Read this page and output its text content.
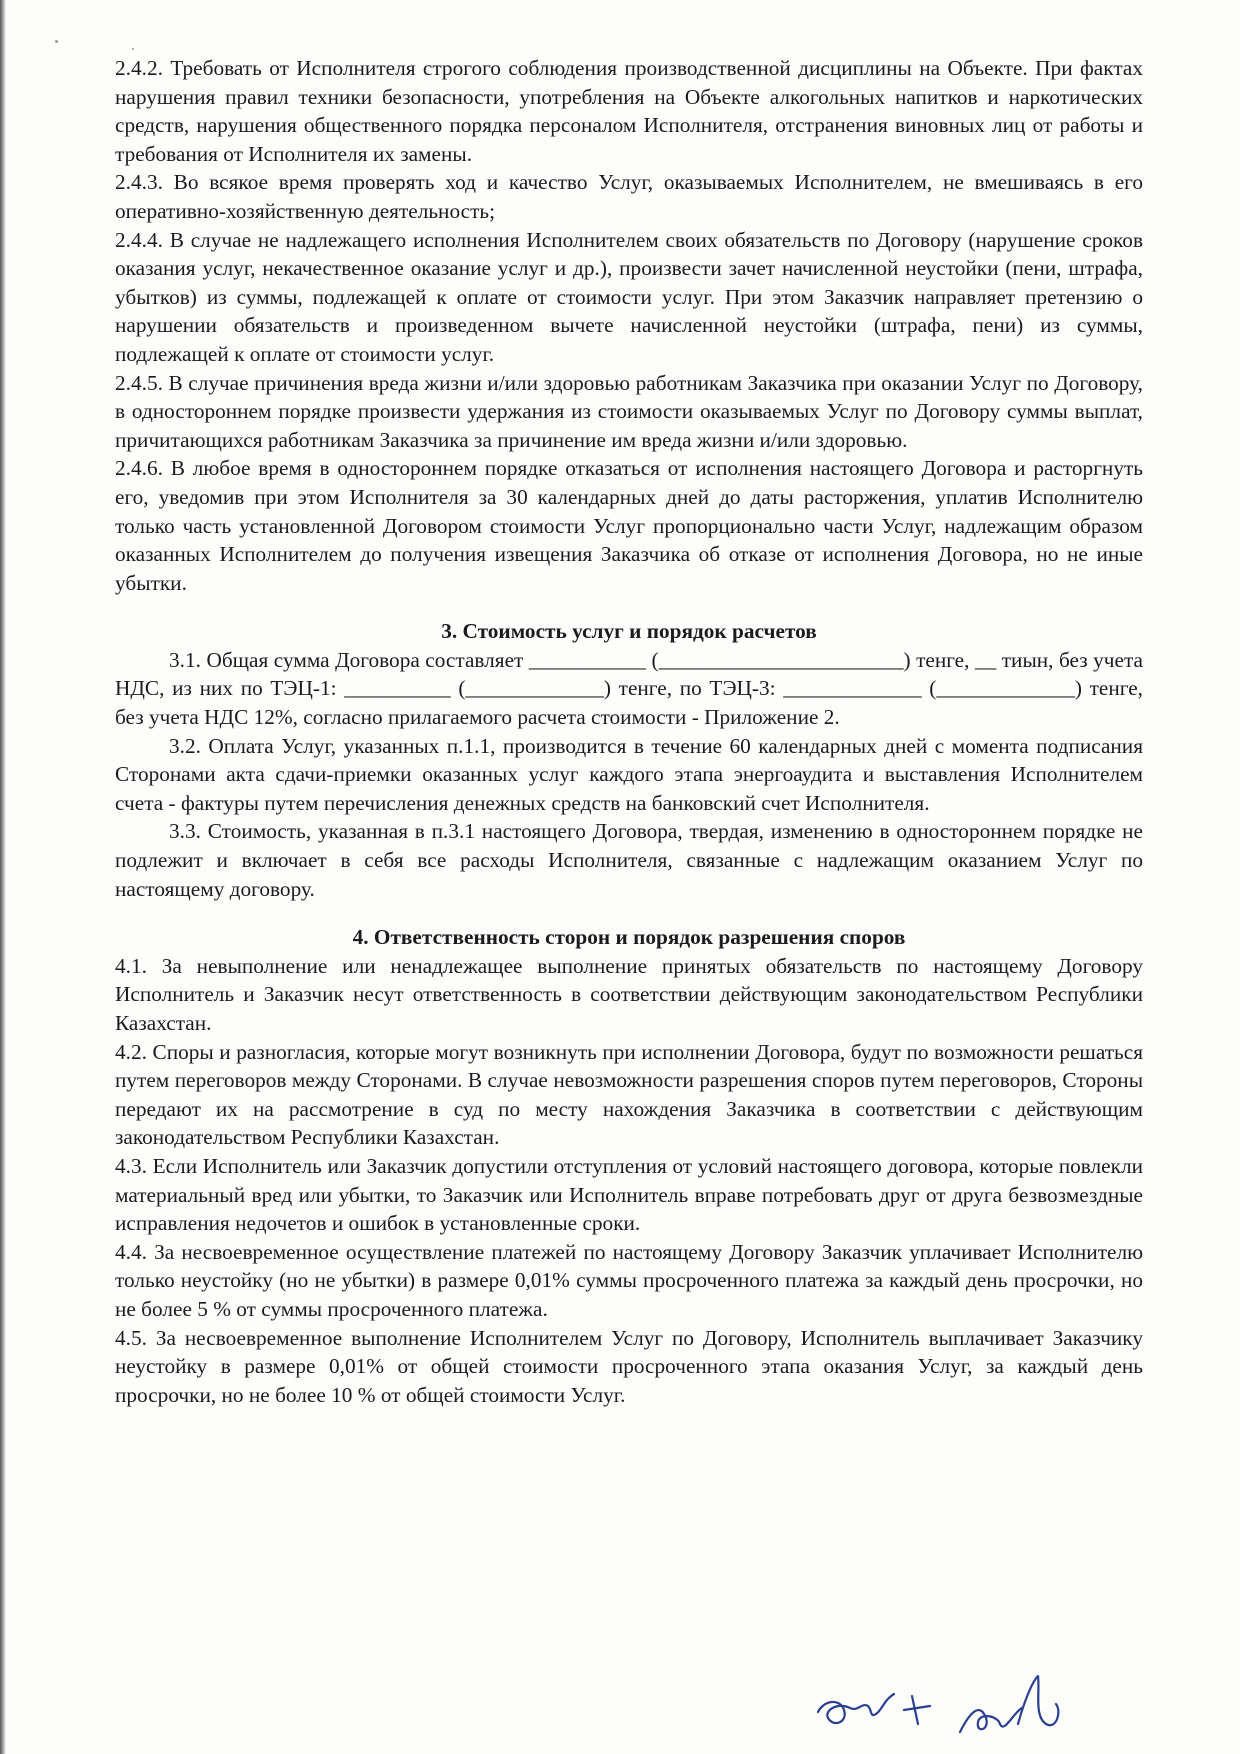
2.4.2. Требовать от Исполнителя строгого соблюдения производственной дисциплины на Объекте. При фактах нарушения правил техники безопасности, употребления на Объекте алкогольных напитков и наркотических средств, нарушения общественного порядка персоналом Исполнителя, отстранения виновных лиц от работы и требования от Исполнителя их замены.

2.4.3. Во всякое время проверять ход и качество Услуг, оказываемых Исполнителем, не вмешиваясь в его оперативно-хозяйственную деятельность;

2.4.4. В случае не надлежащего исполнения Исполнителем своих обязательств по Договору (нарушение сроков оказания услуг, некачественное оказание услуг и др.), произвести зачет начисленной неустойки (пени, штрафа, убытков) из суммы, подлежащей к оплате от стоимости услуг. При этом Заказчик направляет претензию о нарушении обязательств и произведенном вычете начисленной неустойки (штрафа, пени) из суммы, подлежащей к оплате от стоимости услуг.

2.4.5. В случае причинения вреда жизни и/или здоровью работникам Заказчика при оказании Услуг по Договору, в одностороннем порядке произвести удержания из стоимости оказываемых Услуг по Договору суммы выплат, причитающихся работникам Заказчика за причинение им вреда жизни и/или здоровью.

2.4.6. В любое время в одностороннем порядке отказаться от исполнения настоящего Договора и расторгнуть его, уведомив при этом Исполнителя за 30 календарных дней до даты расторжения, уплатив Исполнителю только часть установленной Договором стоимости Услуг пропорционально части Услуг, надлежащим образом оказанных Исполнителем до получения извещения Заказчика об отказе от исполнения Договора, но не иные убытки.

3. Стоимость услуг и порядок расчетов

3.1. Общая сумма Договора составляет ___________ (_______________________) тенге, __ тиын, без учета НДС, из них по ТЭЦ-1: __________ (_____________) тенге, по ТЭЦ-3: _____________ (_____________) тенге, без учета НДС 12%, согласно прилагаемого расчета стоимости - Приложение 2.

3.2. Оплата Услуг, указанных п.1.1, производится в течение 60 календарных дней с момента подписания Сторонами акта сдачи-приемки оказанных услуг каждого этапа энергоаудита и выставления Исполнителем счета - фактуры путем перечисления денежных средств на банковский счет Исполнителя.

3.3. Стоимость, указанная в п.3.1 настоящего Договора, твердая, изменению в одностороннем порядке не подлежит и включает в себя все расходы Исполнителя, связанные с надлежащим оказанием Услуг по настоящему договору.

4. Ответственность сторон и порядок разрешения споров

4.1. За невыполнение или ненадлежащее выполнение принятых обязательств по настоящему Договору Исполнитель и Заказчик несут ответственность в соответствии действующим законодательством Республики Казахстан.

4.2. Споры и разногласия, которые могут возникнуть при исполнении Договора, будут по возможности решаться путем переговоров между Сторонами. В случае невозможности разрешения споров путем переговоров, Стороны передают их на рассмотрение в суд по месту нахождения Заказчика в соответствии с действующим законодательством Республики Казахстан.

4.3. Если Исполнитель или Заказчик допустили отступления от условий настоящего договора, которые повлекли материальный вред или убытки, то Заказчик или Исполнитель вправе потребовать друг от друга безвозмездные исправления недочетов и ошибок в установленные сроки.

4.4. За несвоевременное осуществление платежей по настоящему Договору Заказчик уплачивает Исполнителю только неустойку (но не убытки) в размере 0,01% суммы просроченного платежа за каждый день просрочки, но не более 5 % от суммы просроченного платежа.

4.5. За несвоевременное выполнение Исполнителем Услуг по Договору, Исполнитель выплачивает Заказчику неустойку в размере 0,01% от общей стоимости просроченного этапа оказания Услуг, за каждый день просрочки, но не более 10 % от общей стоимости Услуг.
